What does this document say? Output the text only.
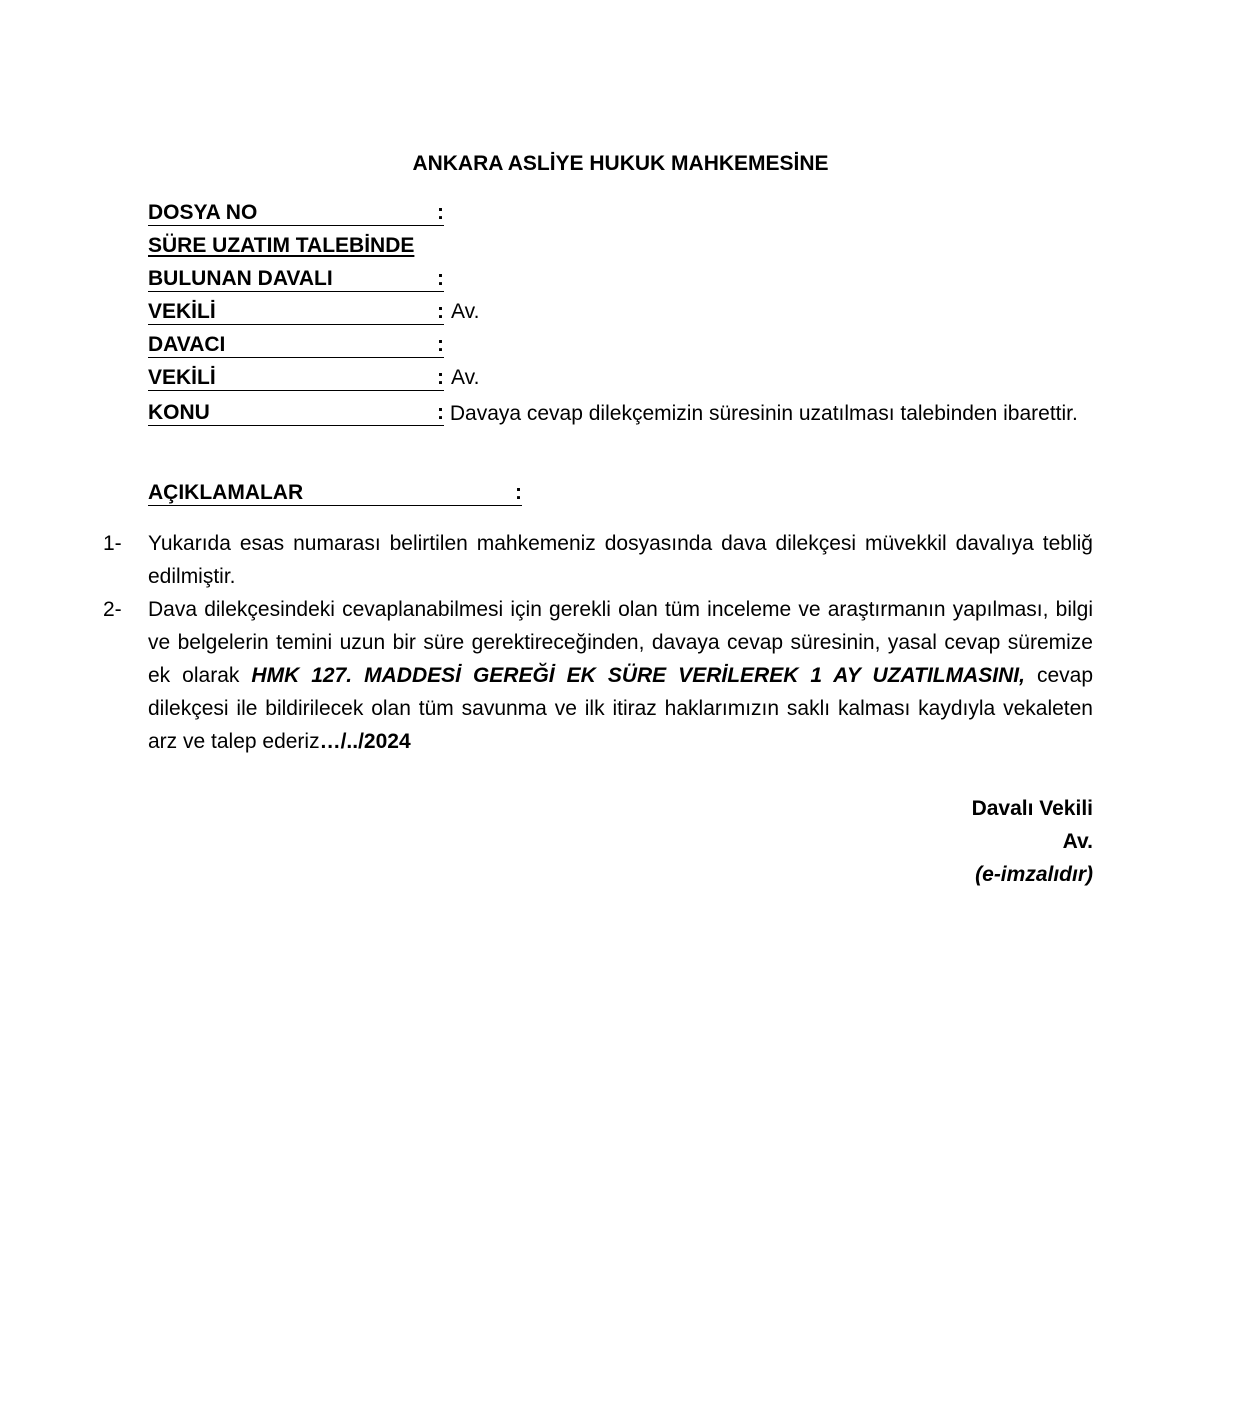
ANKARA ASLİYE HUKUK MAHKEMESİNE
DOSYA NO	:
SÜRE UZATIM TALEBİNDE
BULUNAN DAVALI	:
VEKİLİ	: Av.
DAVACI	:
VEKİLİ	: Av.
KONU	: Davaya cevap dilekçemizin süresinin uzatılması talebinden ibarettir.
AÇIKLAMALAR	:
1- Yukarıda esas numarası belirtilen mahkemeniz dosyasında dava dilekçesi müvekkil davalıya tebliğ edilmiştir.
2- Dava dilekçesindeki cevaplanabilmesi için gerekli olan tüm inceleme ve araştırmanın yapılması, bilgi ve belgelerin temini uzun bir süre gerektireceğinden, davaya cevap süresinin, yasal cevap süremize ek olarak HMK 127. MADDESİ GEREĞİ EK SÜRE VERİLEREK 1 AY UZATILMASINI, cevap dilekçesi ile bildirilecek olan tüm savunma ve ilk itiraz haklarımızın saklı kalması kaydıyla vekaleten arz ve talep ederiz…/../2024
Davalı Vekili
Av.
(e-imzalıdır)
